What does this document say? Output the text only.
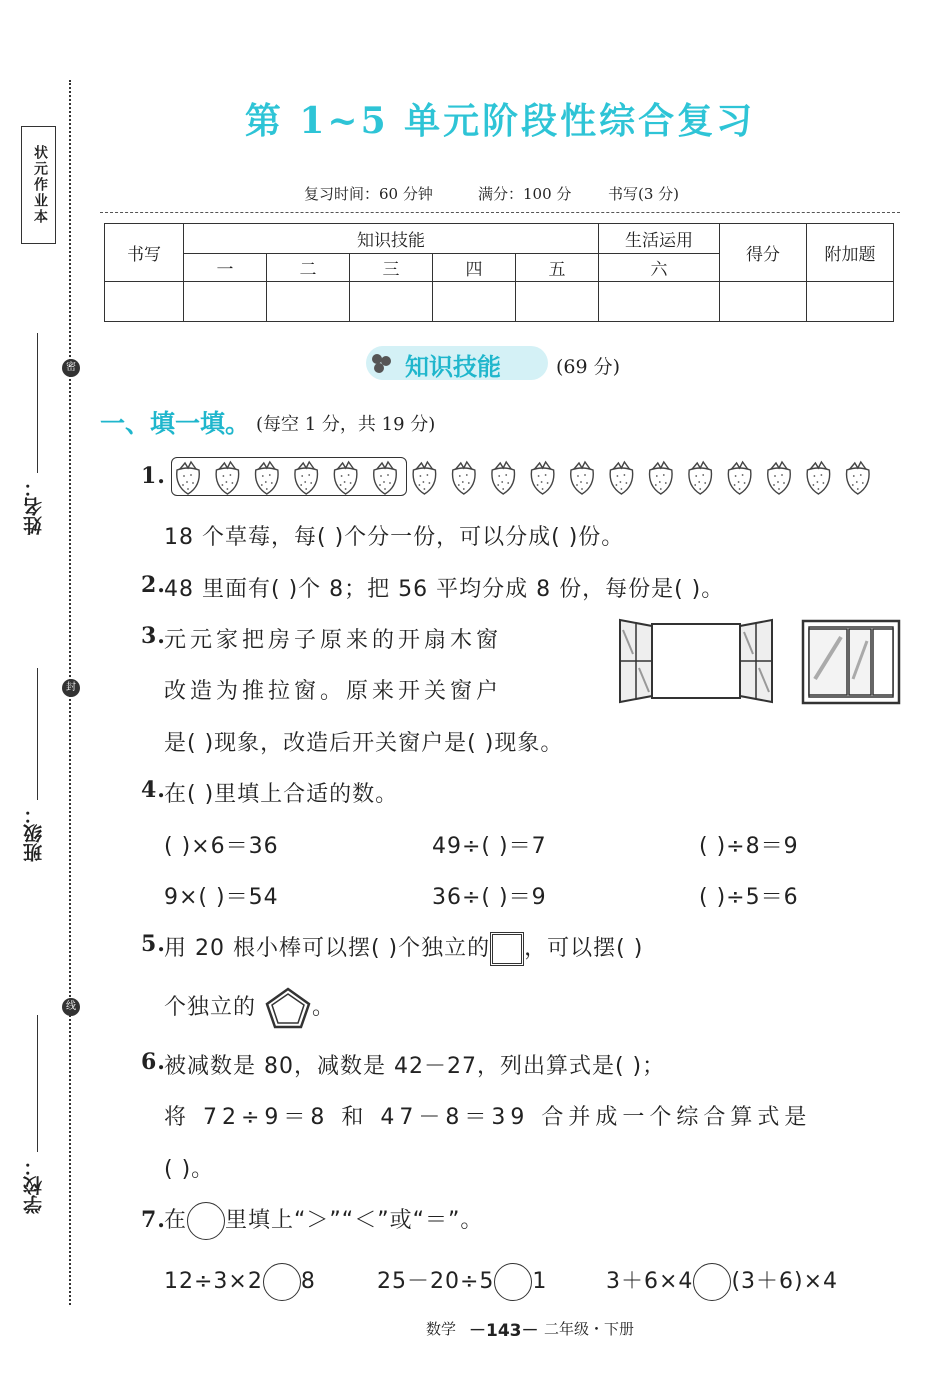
状元作业本
密
封
线
姓名：
班级：
学校：
第 1~5 单元阶段性综合复习
复习时间：60 分钟	满分：100 分 书写(3 分)
书写	知识技能					生活运用	得分	附加题
	一	二	三	四	五	六		

知识技能	(69 分)
一、填一填。 (每空 1 分，共 19 分)
1.
18 个草莓，每( )个分一份，可以分成( )份。
2.
48 里面有( )个 8；把 56 平均分成 8 份，每份是( )。
3.
元元家把房子原来的开扇木窗
改造为推拉窗。原来开关窗户
是( )现象，改造后开关窗户是( )现象。
4.
在( )里填上合适的数。
( )×6＝36	49÷( )＝7	( )÷8＝9
9×( )＝54	36÷( )＝9	( )÷5＝6
5.
用 20 根小棒可以摆( )个独立的 ，可以摆( )
个独立的	。
6.
被减数是 80，减数是 42－27，列出算式是( )；
将 72÷9＝8 和 47－8＝39 合并成一个综合算式是
( )。
7.
在 里填上“＞”“＜”或“＝”。
12÷3×2 8	25－20÷5 1	3＋6×4 (3＋6)×4
数学 －143－ 二年级・下册
